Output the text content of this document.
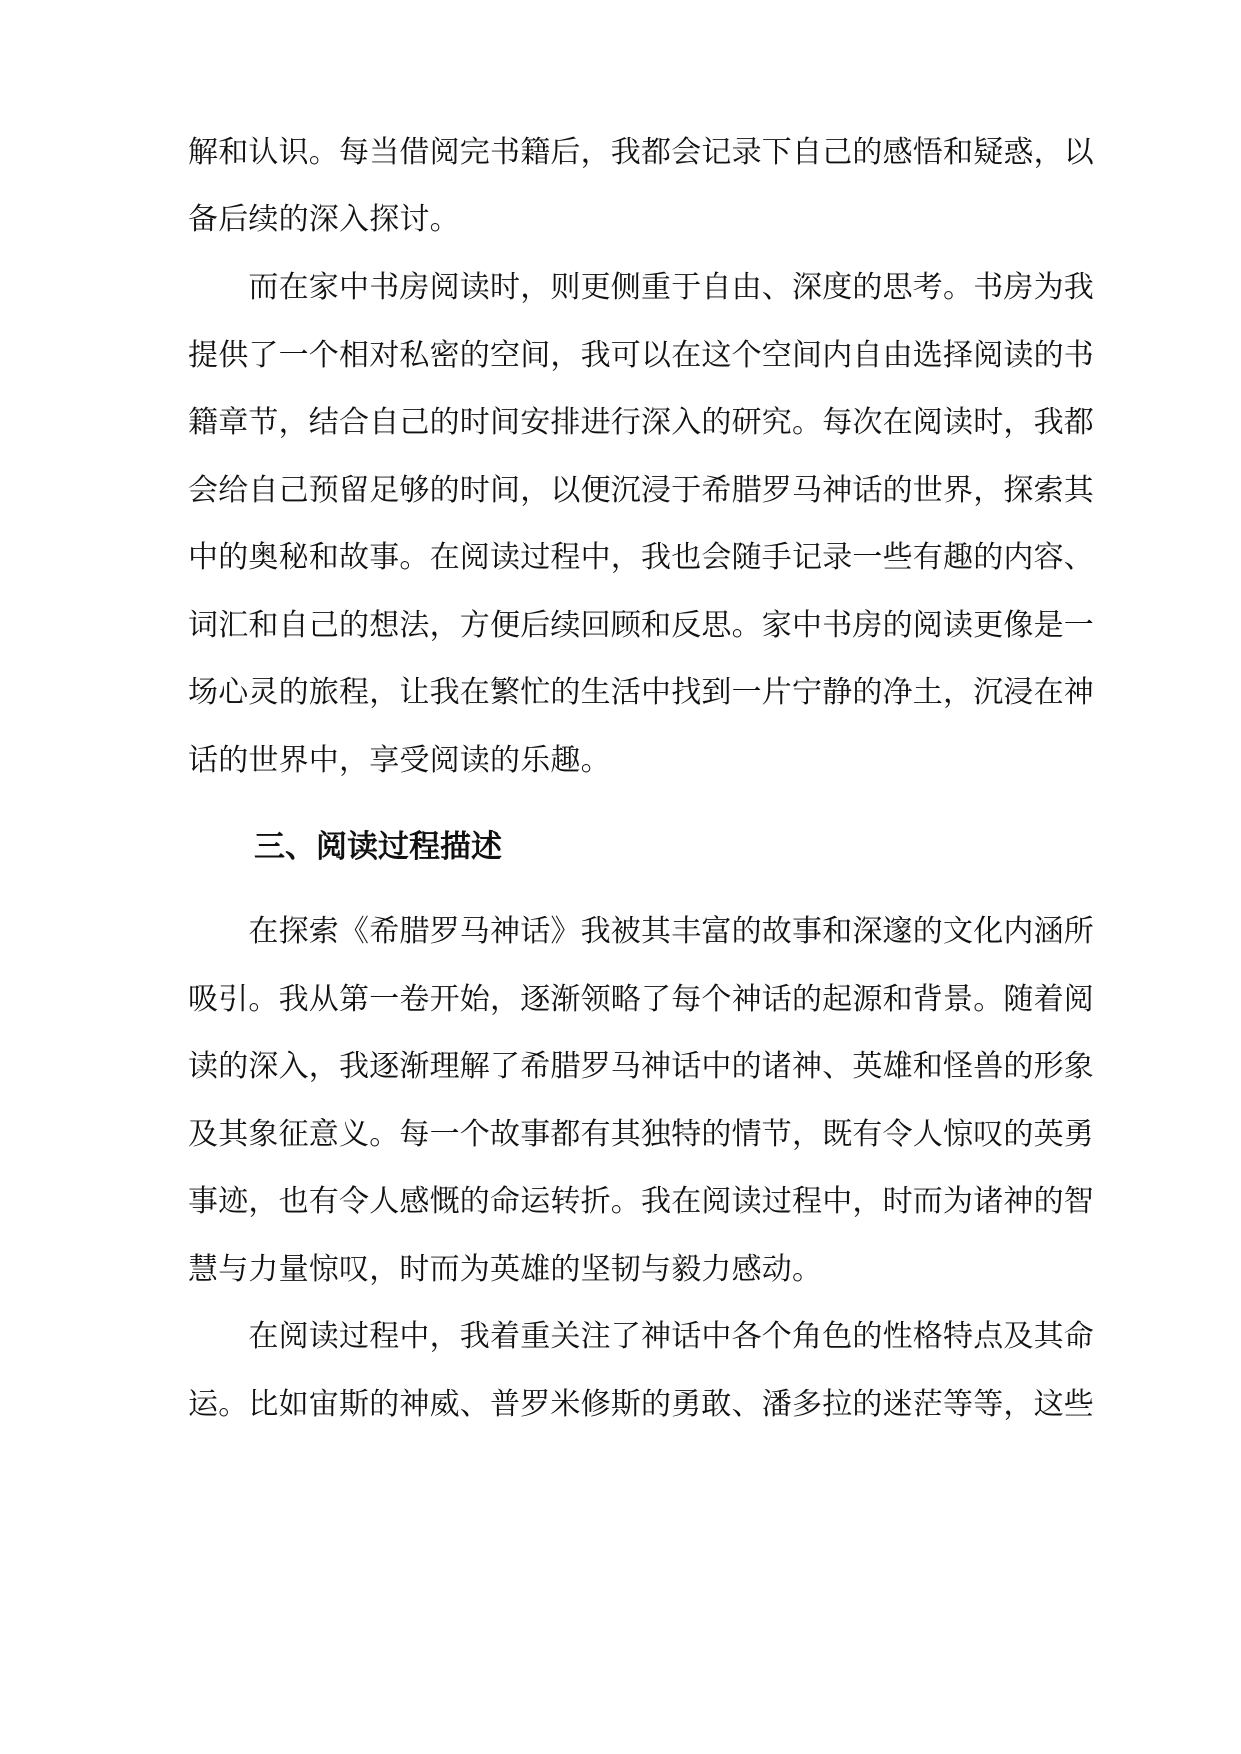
解和认识。每当借阅完书籍后，我都会记录下自己的感悟和疑惑，以
备后续的深入探讨。
　　而在家中书房阅读时，则更侧重于自由、深度的思考。书房为我
提供了一个相对私密的空间，我可以在这个空间内自由选择阅读的书
籍章节，结合自己的时间安排进行深入的研究。每次在阅读时，我都
会给自己预留足够的时间，以便沉浸于希腊罗马神话的世界，探索其
中的奥秘和故事。在阅读过程中，我也会随手记录一些有趣的内容、
词汇和自己的想法，方便后续回顾和反思。家中书房的阅读更像是一
场心灵的旅程，让我在繁忙的生活中找到一片宁静的净土，沉浸在神
话的世界中，享受阅读的乐趣。
三、阅读过程描述
　　在探索《希腊罗马神话》我被其丰富的故事和深邃的文化内涵所
吸引。我从第一卷开始，逐渐领略了每个神话的起源和背景。随着阅
读的深入，我逐渐理解了希腊罗马神话中的诸神、英雄和怪兽的形象
及其象征意义。每一个故事都有其独特的情节，既有令人惊叹的英勇
事迹，也有令人感慨的命运转折。我在阅读过程中，时而为诸神的智
慧与力量惊叹，时而为英雄的坚韧与毅力感动。
　　在阅读过程中，我着重关注了神话中各个角色的性格特点及其命
运。比如宙斯的神威、普罗米修斯的勇敢、潘多拉的迷茫等等，这些
